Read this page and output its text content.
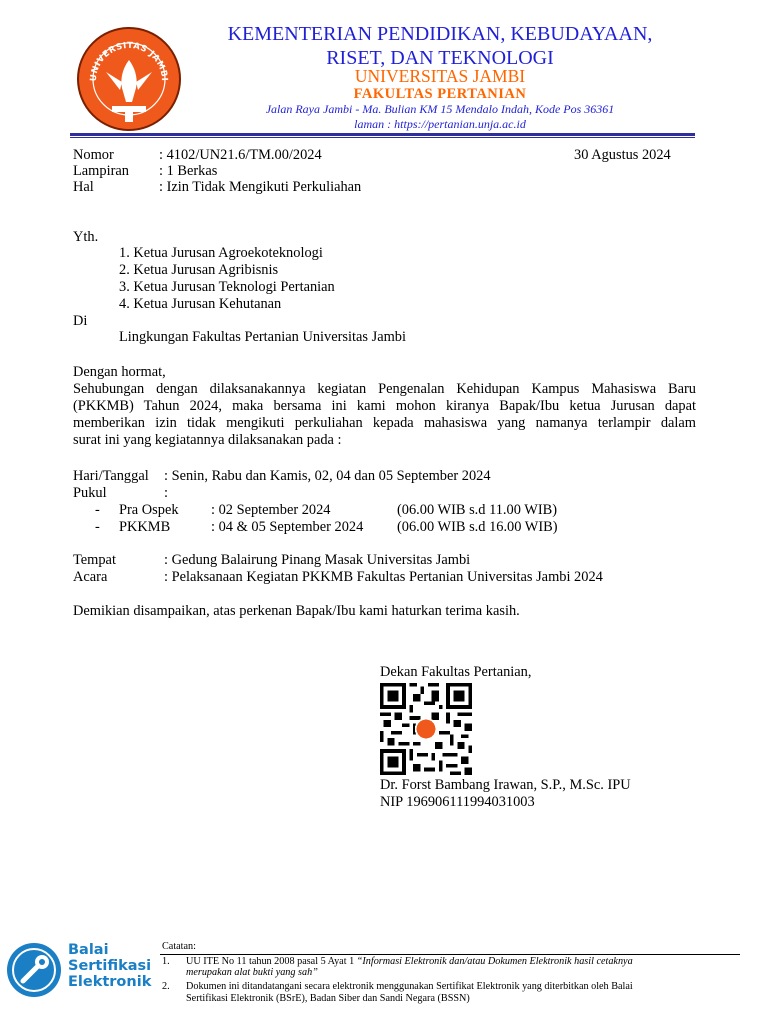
UNIVERSITAS JAMBI
KEMENTERIAN PENDIDIKAN, KEBUDAYAAN,
RISET, DAN TEKNOLOGI
UNIVERSITAS JAMBI
FAKULTAS PERTANIAN
Jalan Raya Jambi - Ma. Bulian KM 15 Mendalo Indah, Kode Pos 36361
laman : https://pertanian.unja.ac.id
Nomor	: 4102/UN21.6/TM.00/2024	30 Agustus 2024
Lampiran : 1 Berkas
Hal	: Izin Tidak Mengikuti Perkuliahan
Yth.
1. Ketua Jurusan Agroekoteknologi
2. Ketua Jurusan Agribisnis
3. Ketua Jurusan Teknologi Pertanian
4. Ketua Jurusan Kehutanan
Di
Lingkungan Fakultas Pertanian Universitas Jambi
Dengan hormat,
Sehubungan dengan dilaksanakannya kegiatan Pengenalan Kehidupan Kampus Mahasiswa Baru
(PKKMB) Tahun 2024, maka bersama ini kami mohon kiranya Bapak/Ibu ketua Jurusan dapat
memberikan izin tidak mengikuti perkuliahan kepada mahasiswa yang namanya terlampir dalam
surat ini yang kegiatannya dilaksanakan pada :
Hari/Tanggal : Senin, Rabu dan Kamis, 02, 04 dan 05 September 2024
Pukul	:
- Pra Ospek : 02 September 2024	(06.00 WIB s.d 11.00 WIB)
- PKKMB	: 04 & 05 September 2024 (06.00 WIB s.d 16.00 WIB)
Tempat	: Gedung Balairung Pinang Masak Universitas Jambi
Acara	: Pelaksanaan Kegiatan PKKMB Fakultas Pertanian Universitas Jambi 2024
Demikian disampaikan, atas perkenan Bapak/Ibu kami haturkan terima kasih.
Dekan Fakultas Pertanian,
Dr. Forst Bambang Irawan, S.P., M.Sc. IPU
NIP 196906111994031003
Balai
Sertifikasi
Elektronik
Catatan:
1. UU ITE No 11 tahun 2008 pasal 5 Ayat 1 “Informasi Elektronik dan/atau Dokumen Elektronik hasil cetaknya
merupakan alat bukti yang sah”
2. Dokumen ini ditandatangani secara elektronik menggunakan Sertifikat Elektronik yang diterbitkan oleh Balai
Sertifikasi Elektronik (BSrE), Badan Siber dan Sandi Negara (BSSN)
